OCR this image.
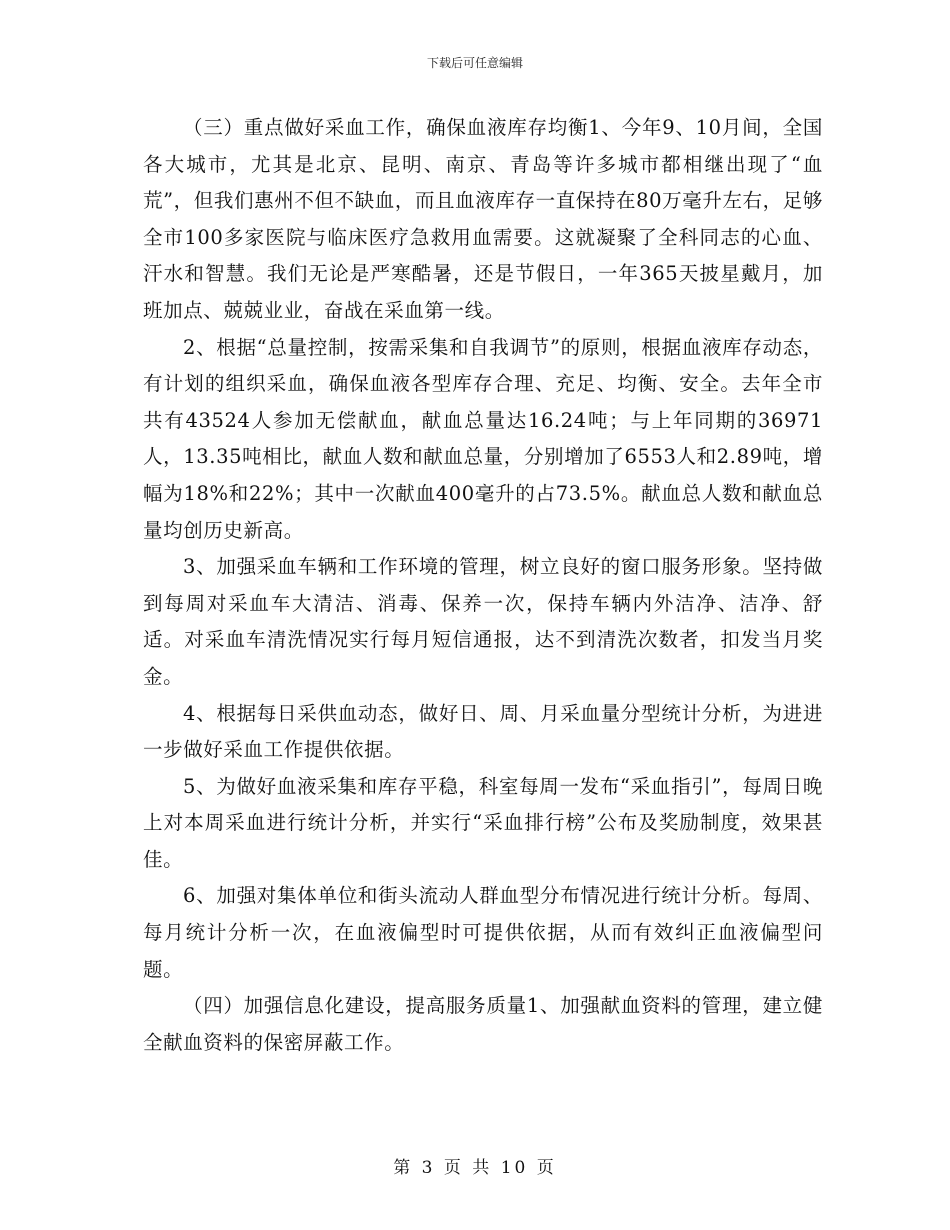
下载后可任意编辑

（三）重点做好采血工作，确保血液库存均衡1、今年9、10月间，全国各大城市，尤其是北京、昆明、南京、青岛等许多城市都相继出现了“血荒”，但我们惠州不但不缺血，而且血液库存一直保持在80万毫升左右，足够全市100多家医院与临床医疗急救用血需要。这就凝聚了全科同志的心血、汗水和智慧。我们无论是严寒酷暑，还是节假日，一年365天披星戴月，加班加点、兢兢业业，奋战在采血第一线。

2、根据“总量控制，按需采集和自我调节”的原则，根据血液库存动态，有计划的组织采血，确保血液各型库存合理、充足、均衡、安全。去年全市共有43524人参加无偿献血，献血总量达16.24吨；与上年同期的36971人，13.35吨相比，献血人数和献血总量，分别增加了6553人和2.89吨，增幅为18%和22%；其中一次献血400毫升的占73.5%。献血总人数和献血总量均创历史新高。

3、加强采血车辆和工作环境的管理，树立良好的窗口服务形象。坚持做到每周对采血车大清洁、消毒、保养一次，保持车辆内外洁净、洁净、舒适。对采血车清洗情况实行每月短信通报，达不到清洗次数者，扣发当月奖金。

4、根据每日采供血动态，做好日、周、月采血量分型统计分析，为进进一步做好采血工作提供依据。

5、为做好血液采集和库存平稳，科室每周一发布“采血指引”，每周日晚上对本周采血进行统计分析，并实行“采血排行榜”公布及奖励制度，效果甚佳。

6、加强对集体单位和街头流动人群血型分布情况进行统计分析。每周、每月统计分析一次，在血液偏型时可提供依据，从而有效纠正血液偏型问题。

（四）加强信息化建设，提高服务质量1、加强献血资料的管理，建立健全献血资料的保密屏蔽工作。

第 3 页 共 10 页
